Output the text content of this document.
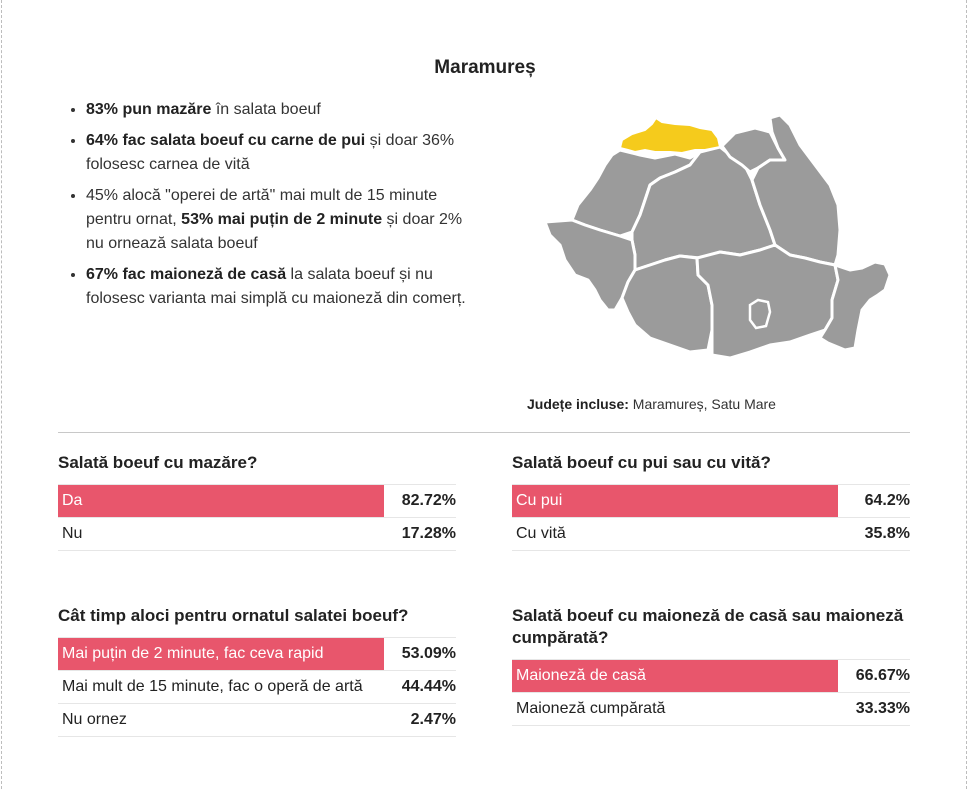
Maramureș
• 83% pun mazăre în salata boeuf
• 64% fac salata boeuf cu carne de pui și doar 36% folosesc carnea de vită
• 45% alocă "operei de artă" mai mult de 15 minute pentru ornat, 53% mai puțin de 2 minute și doar 2% nu ornează salata boeuf
• 67% fac maioneză de casă la salata boeuf și nu folosesc varianta mai simplă cu maioneză din comerț.
Județe incluse: Maramureș, Satu Mare
Salată boeuf cu mazăre?
Da	82.72%
Nu	17.28%
Salată boeuf cu pui sau cu vită?
Cu pui	64.2%
Cu vită	35.8%
Cât timp aloci pentru ornatul salatei boeuf?
Mai puțin de 2 minute, fac ceva rapid	53.09%
Mai mult de 15 minute, fac o operă de artă	44.44%
Nu ornez	2.47%
Salată boeuf cu maioneză de casă sau maioneză cumpărată?
Maioneză de casă	66.67%
Maioneză cumpărată	33.33%
